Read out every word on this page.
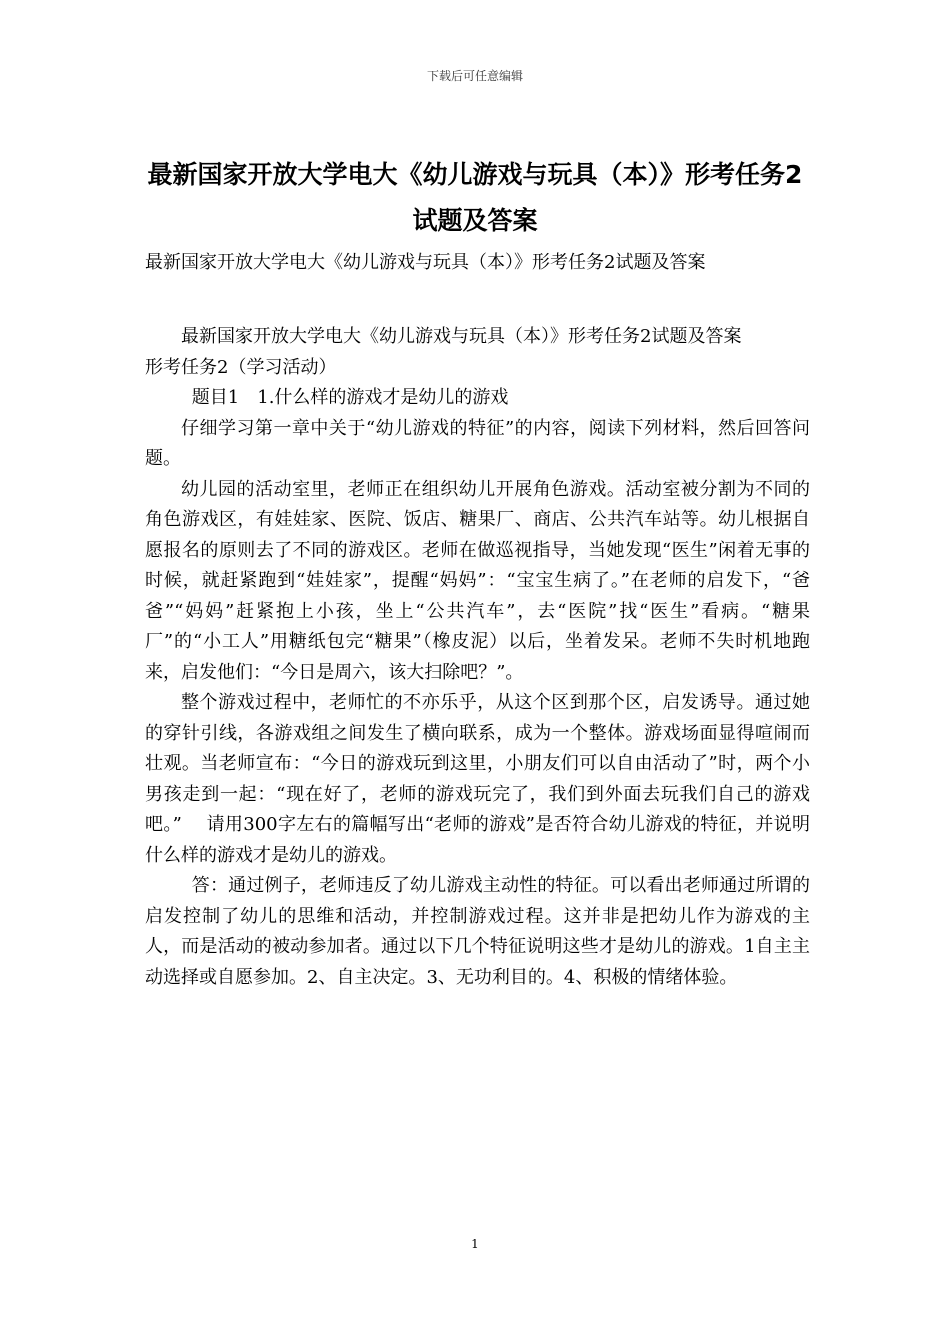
下载后可任意编辑
最新国家开放大学电大《幼儿游戏与玩具（本）》形考任务2试题及答案
最新国家开放大学电大《幼儿游戏与玩具（本）》形考任务2试题及答案

最新国家开放大学电大《幼儿游戏与玩具（本）》形考任务2试题及答案

形考任务2（学习活动）

题目1　1.什么样的游戏才是幼儿的游戏

仔细学习第一章中关于“幼儿游戏的特征”的内容，阅读下列材料，然后回答问题。

幼儿园的活动室里，老师正在组织幼儿开展角色游戏。活动室被分割为不同的角色游戏区，有娃娃家、医院、饭店、糖果厂、商店、公共汽车站等。幼儿根据自愿报名的原则去了不同的游戏区。老师在做巡视指导，当她发现“医生”闲着无事的时候，就赶紧跑到“娃娃家”，提醒“妈妈”：“宝宝生病了。”在老师的启发下，“爸爸”“妈妈”赶紧抱上小孩，坐上“公共汽车”，去“医院”找“医生”看病。“糖果厂”的“小工人”用糖纸包完“糖果”（橡皮泥）以后，坐着发呆。老师不失时机地跑来，启发他们：“今日是周六，该大扫除吧？”。

整个游戏过程中，老师忙的不亦乐乎，从这个区到那个区，启发诱导。通过她的穿针引线，各游戏组之间发生了横向联系，成为一个整体。游戏场面显得喧闹而壮观。当老师宣布：“今日的游戏玩到这里，小朋友们可以自由活动了”时，两个小男孩走到一起：“现在好了，老师的游戏玩完了，我们到外面去玩我们自己的游戏吧。”　 请用300字左右的篇幅写出“老师的游戏”是否符合幼儿游戏的特征，并说明什么样的游戏才是幼儿的游戏。

答：通过例子，老师违反了幼儿游戏主动性的特征。可以看出老师通过所谓的启发控制了幼儿的思维和活动，并控制游戏过程。这并非是把幼儿作为游戏的主人，而是活动的被动参加者。通过以下几个特征说明这些才是幼儿的游戏。1自主主动选择或自愿参加。2、自主决定。3、无功利目的。4、积极的情绪体验。

1
